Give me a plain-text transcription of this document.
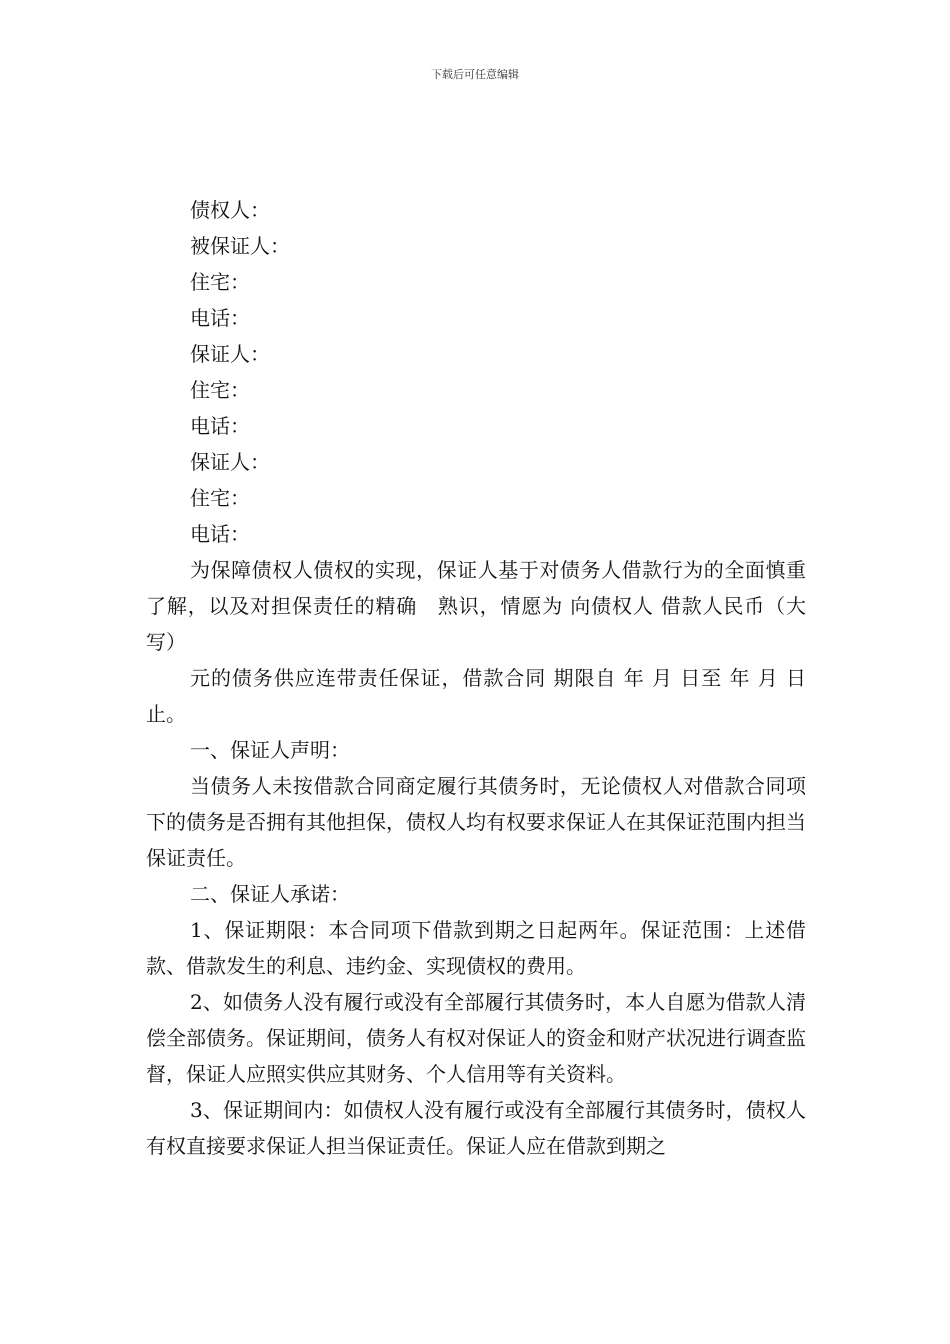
下载后可任意编辑
债权人：
被保证人：
住宅：
电话：
保证人：
住宅：
电话：
保证人：
住宅：
电话：

为保障债权人债权的实现，保证人基于对债务人借款行为的全面慎重了解，以及对担保责任的精确　熟识，情愿为 向债权人 借款人民币（大写）

元的债务供应连带责任保证，借款合同 期限自 年 月 日至 年 月 日止。

一、保证人声明：

当债务人未按借款合同商定履行其债务时，无论债权人对借款合同项下的债务是否拥有其他担保，债权人均有权要求保证人在其保证范围内担当保证责任。

二、保证人承诺：

1、保证期限：本合同项下借款到期之日起两年。保证范围：上述借款、借款发生的利息、违约金、实现债权的费用。

2、如债务人没有履行或没有全部履行其债务时，本人自愿为借款人清偿全部债务。保证期间，债务人有权对保证人的资金和财产状况进行调查监督，保证人应照实供应其财务、个人信用等有关资料。

3、保证期间内：如债权人没有履行或没有全部履行其债务时，债权人有权直接要求保证人担当保证责任。保证人应在借款到期之
